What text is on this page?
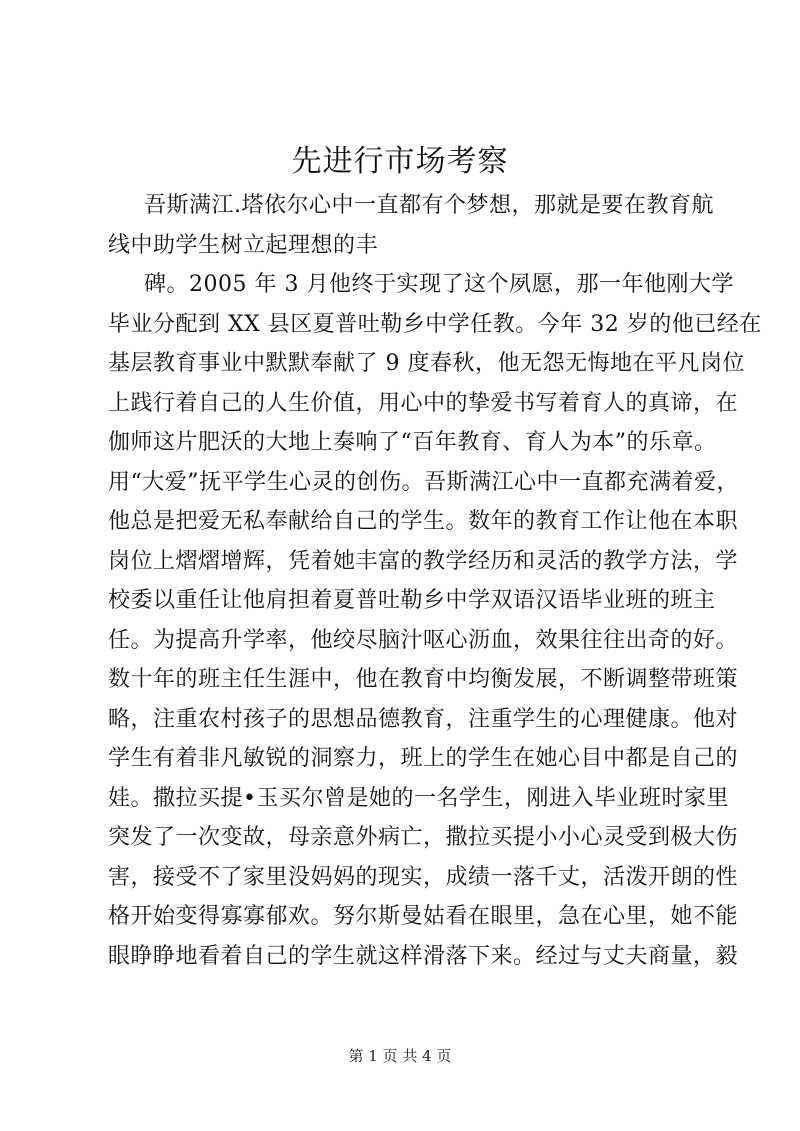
先进行市场考察
吾斯满江.塔依尔心中一直都有个梦想，那就是要在教育航
线中助学生树立起理想的丰
碑。2005 年 3 月他终于实现了这个夙愿，那一年他刚大学
毕业分配到 XX 县区夏普吐勒乡中学任教。今年 32 岁的他已经在
基层教育事业中默默奉献了 9 度春秋，他无怨无悔地在平凡岗位
上践行着自己的人生价值，用心中的挚爱书写着育人的真谛，在
伽师这片肥沃的大地上奏响了“百年教育、育人为本”的乐章。
用“大爱”抚平学生心灵的创伤。吾斯满江心中一直都充满着爱，
他总是把爱无私奉献给自己的学生。数年的教育工作让他在本职
岗位上熠熠增辉，凭着她丰富的教学经历和灵活的教学方法，学
校委以重任让他肩担着夏普吐勒乡中学双语汉语毕业班的班主
任。为提高升学率，他绞尽脑汁呕心沥血，效果往往出奇的好。
数十年的班主任生涯中，他在教育中均衡发展，不断调整带班策
略，注重农村孩子的思想品德教育，注重学生的心理健康。他对
学生有着非凡敏锐的洞察力，班上的学生在她心目中都是自己的
娃。撒拉买提•玉买尔曾是她的一名学生，刚进入毕业班时家里
突发了一次变故，母亲意外病亡，撒拉买提小小心灵受到极大伤
害，接受不了家里没妈妈的现实，成绩一落千丈，活泼开朗的性
格开始变得寡寡郁欢。努尔斯曼姑看在眼里，急在心里，她不能
眼睁睁地看着自己的学生就这样滑落下来。经过与丈夫商量，毅
第 1 页 共 4 页
